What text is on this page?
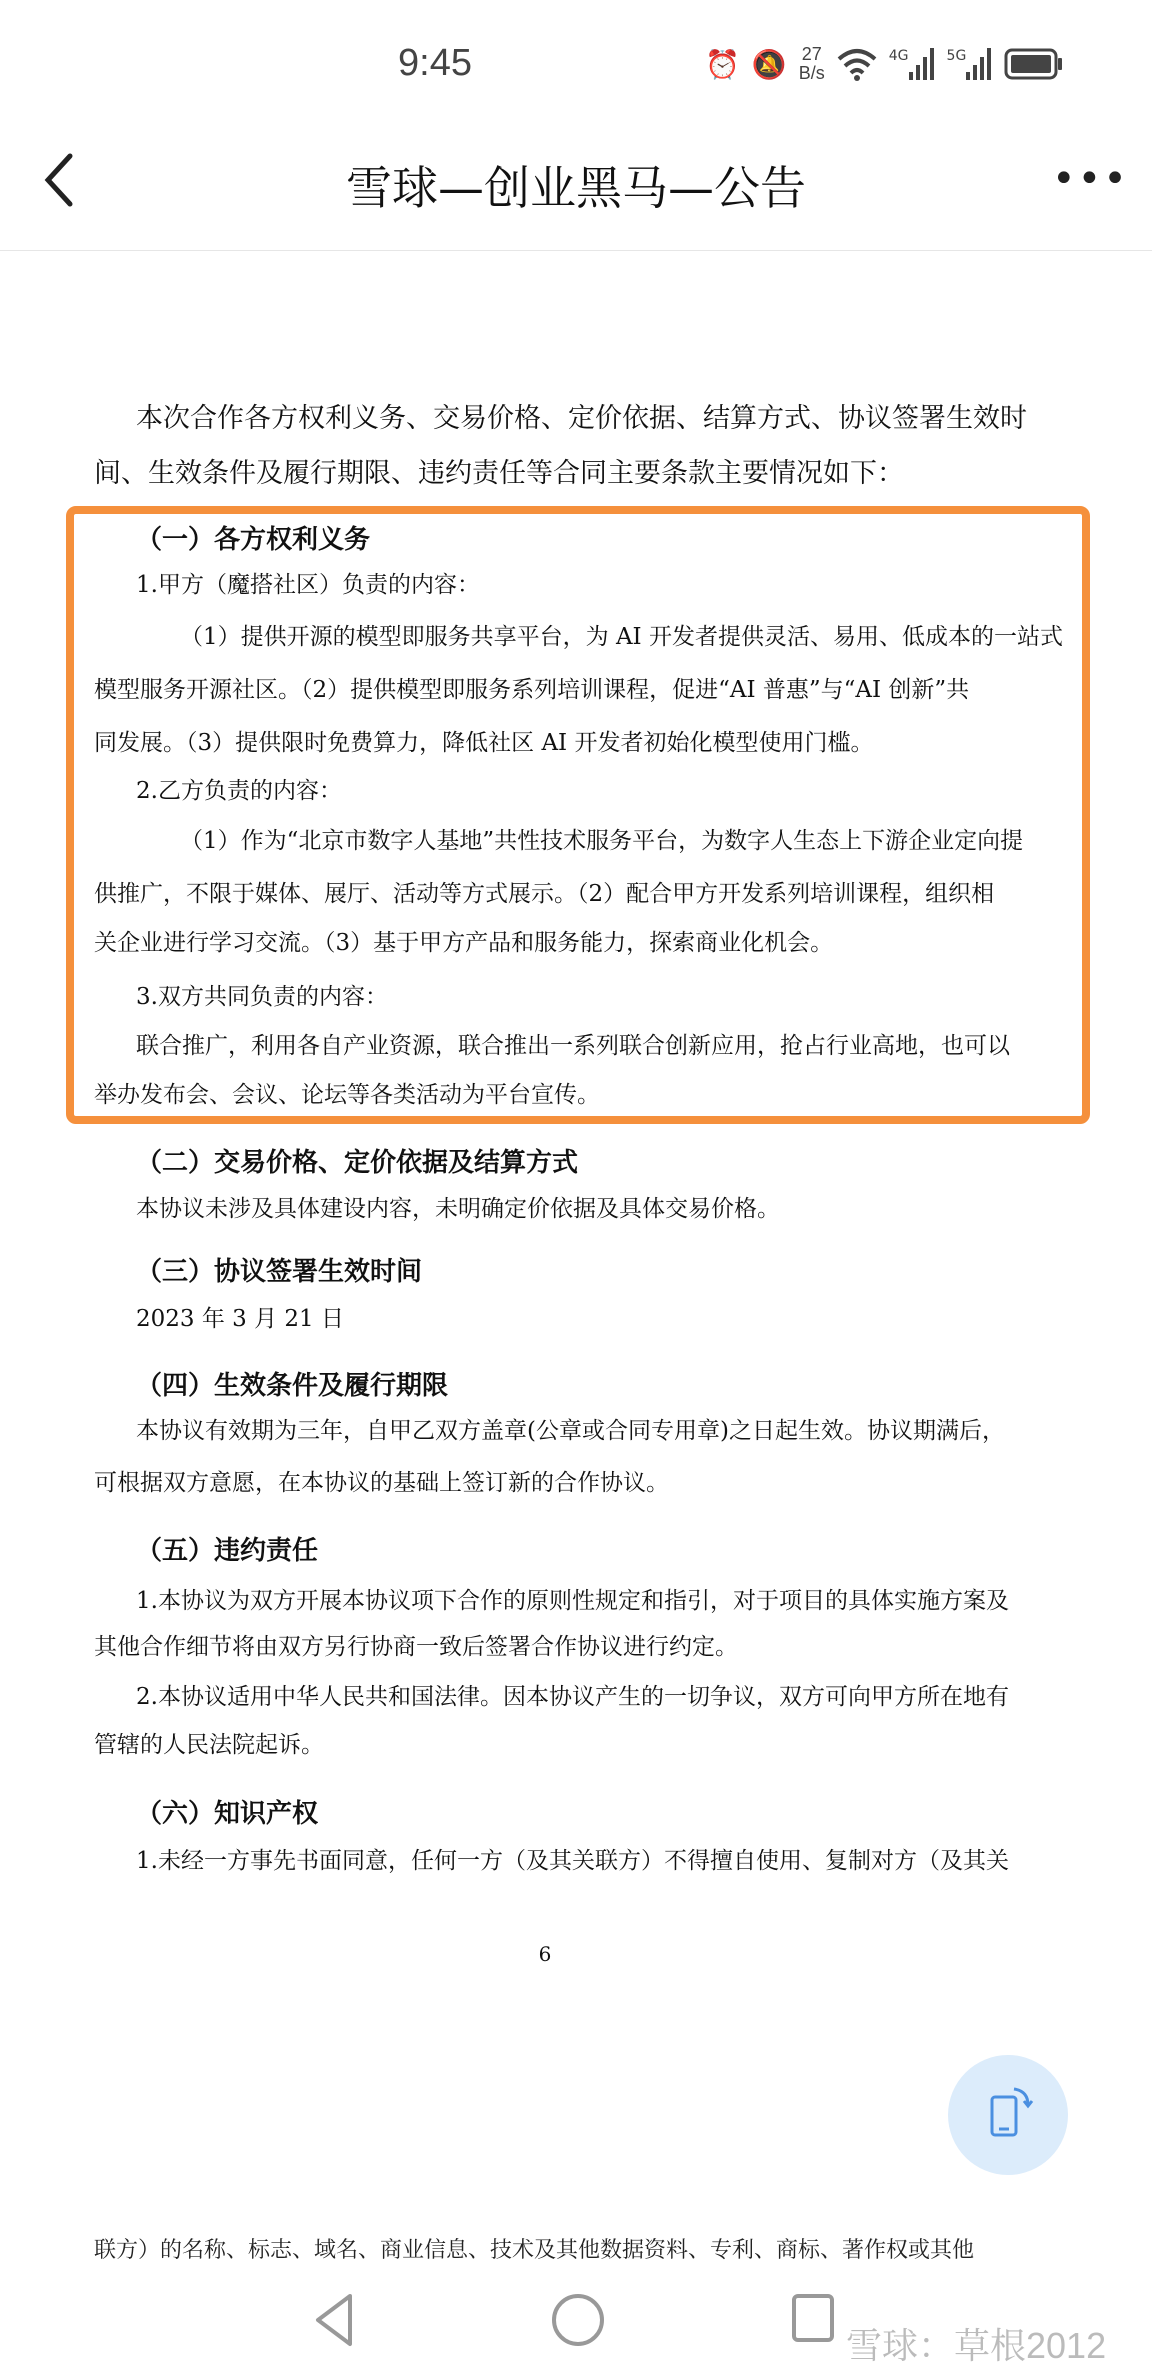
9:45	⏰ 🔕 27
B/s
4G	5G
雪球—创业黑马—公告	•••
本次合作各方权利义务、交易价格、定价依据、结算方式、协议签署生效时
间、生效条件及履行期限、违约责任等合同主要条款主要情况如下：
（一）各方权利义务
1.甲方（魔搭社区）负责的内容：
（1）提供开源的模型即服务共享平台，为 AI 开发者提供灵活、易用、低成本的一站式
模型服务开源社区。（2）提供模型即服务系列培训课程，促进“AI 普惠”与“AI 创新”共
同发展。（3）提供限时免费算力，降低社区 AI 开发者初始化模型使用门槛。
2.乙方负责的内容：
（1）作为“北京市数字人基地”共性技术服务平台，为数字人生态上下游企业定向提
供推广，不限于媒体、展厅、活动等方式展示。（2）配合甲方开发系列培训课程，组织相
关企业进行学习交流。（3）基于甲方产品和服务能力，探索商业化机会。
3.双方共同负责的内容：
联合推广，利用各自产业资源，联合推出一系列联合创新应用，抢占行业高地，也可以
举办发布会、会议、论坛等各类活动为平台宣传。
（二）交易价格、定价依据及结算方式
本协议未涉及具体建设内容，未明确定价依据及具体交易价格。
（三）协议签署生效时间
2023 年 3 月 21 日
（四）生效条件及履行期限
本协议有效期为三年，自甲乙双方盖章(公章或合同专用章)之日起生效。协议期满后，
可根据双方意愿，在本协议的基础上签订新的合作协议。
（五）违约责任
1.本协议为双方开展本协议项下合作的原则性规定和指引，对于项目的具体实施方案及
其他合作细节将由双方另行协商一致后签署合作协议进行约定。
2.本协议适用中华人民共和国法律。因本协议产生的一切争议，双方可向甲方所在地有
管辖的人民法院起诉。
（六）知识产权
1.未经一方事先书面同意，任何一方（及其关联方）不得擅自使用、复制对方（及其关
6
联方）的名称、标志、域名、商业信息、技术及其他数据资料、专利、商标、著作权或其他
雪球：草根2012
